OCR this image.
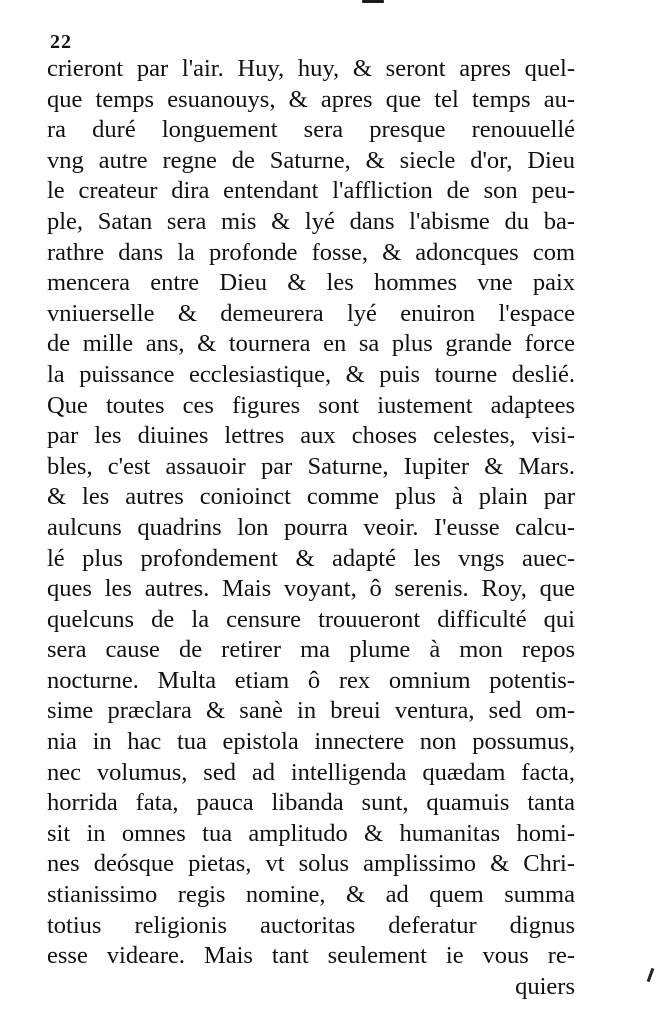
22
crieront par l'air. Huy, huy, & seront apres quel-
que temps esuanouys, & apres que tel temps au-
ra duré longuement sera presque renouuellé
vng autre regne de Saturne, & siecle d'or, Dieu
le createur dira entendant l'affliction de son peu-
ple, Satan sera mis & lyé dans l'abisme du ba-
rathre dans la profonde fosse, & adoncques com
mencera entre Dieu & les hommes vne paix
vniuerselle & demeurera lyé enuiron l'espace
de mille ans, & tournera en sa plus grande force
la puissance ecclesiastique, & puis tourne deslié.
Que toutes ces figures sont iustement adaptees
par les diuines lettres aux choses celestes, visi-
bles, c'est assauoir par Saturne, Iupiter & Mars.
& les autres conioinct comme plus à plain par
aulcuns quadrins lon pourra veoir. I'eusse calcu-
lé plus profondement & adapté les vngs auec-
ques les autres. Mais voyant, ô serenis. Roy, que
quelcuns de la censure trouueront difficulté qui
sera cause de retirer ma plume à mon repos
nocturne. Multa etiam ô rex omnium potentis-
sime præclara & sanè in breui ventura, sed om-
nia in hac tua epistola innectere non possumus,
nec volumus, sed ad intelligenda quædam facta,
horrida fata, pauca libanda sunt, quamuis tanta
sit in omnes tua amplitudo & humanitas homi-
nes deósque pietas, vt solus amplissimo & Chri-
stianissimo regis nomine, & ad quem summa
totius religionis auctoritas deferatur dignus
esse videare. Mais tant seulement ie vous re-
quiers
